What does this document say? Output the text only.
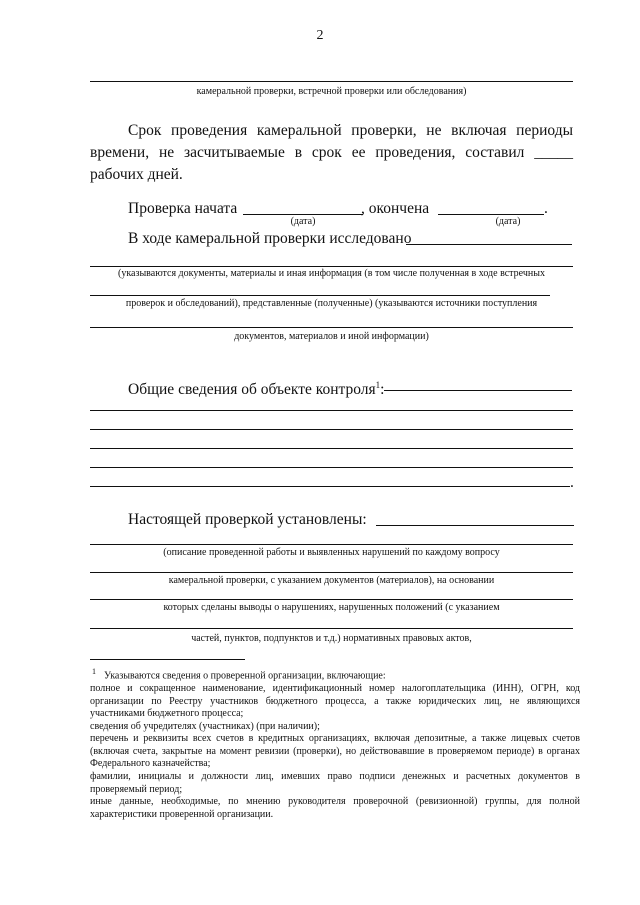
2
камеральной проверки, встречной проверки или обследования)
Срок проведения камеральной проверки, не включая периоды времени, не засчитываемые в срок ее проведения, составил _____ рабочих дней.
Проверка начата
(дата)
, окончена
(дата)
.
В ходе камеральной проверки исследовано
(указываются документы, материалы и иная информация (в том числе полученная в ходе встречных
проверок и обследований), представленные (полученные) (указываются источники поступления
документов, материалов и иной информации)
Общие сведения об объекте контроля$^1$:
.
Настоящей проверкой установлены:
(описание проведенной работы и выявленных нарушений по каждому вопросу
камеральной проверки, с указанием документов (материалов), на основании
которых сделаны выводы о нарушениях, нарушенных положений (с указанием
частей, пунктов, подпунктов и т.д.) нормативных правовых актов,

$^1$ Указываются сведения о проверенной организации, включающие:

полное и сокращенное наименование, идентификационный номер налогоплательщика (ИНН), ОГРН, код организации по Реестру участников бюджетного процесса, а также юридических лиц, не являющихся участниками бюджетного процесса;

сведения об учредителях (участниках) (при наличии);

перечень и реквизиты всех счетов в кредитных организациях, включая депозитные, а также лицевых счетов (включая счета, закрытые на момент ревизии (проверки), но действовавшие в проверяемом периоде) в органах Федерального казначейства;

фамилии, инициалы и должности лиц, имевших право подписи денежных и расчетных документов в проверяемый период;

иные данные, необходимые, по мнению руководителя проверочной (ревизионной) группы, для полной характеристики проверенной организации.
